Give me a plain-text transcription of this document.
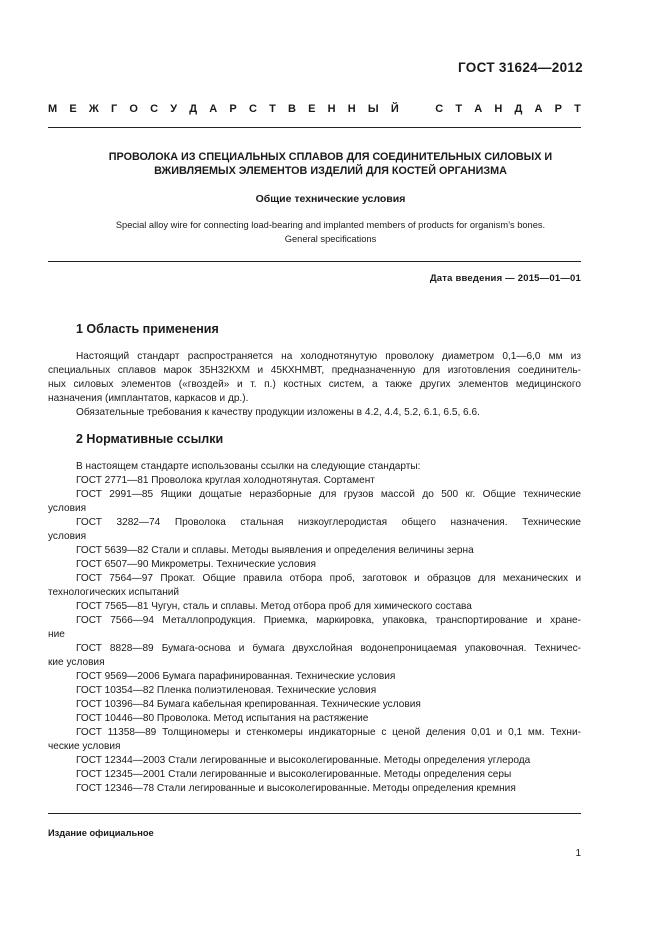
ГОСТ 31624—2012
М Е Ж Г О С У Д А Р С Т В Е Н Н Ы Й	С Т А Н Д А Р Т
ПРОВОЛОКА ИЗ СПЕЦИАЛЬНЫХ СПЛАВОВ ДЛЯ СОЕДИНИТЕЛЬНЫХ СИЛОВЫХ И
ВЖИВЛЯЕМЫХ ЭЛЕМЕНТОВ ИЗДЕЛИЙ ДЛЯ КОСТЕЙ ОРГАНИЗМА
Общие технические условия
Special alloy wire for connecting load-bearing and implanted members of products for organism’s bones.
General specifications
Дата введения — 2015—01—01
1 Область применения
Настоящий стандарт распространяется на холоднотянутую проволоку диаметром 0,1—6,0 мм из
специальных сплавов марок 35Н32КХМ и 45КХНМВТ, предназначенную для изготовления соединитель-
ных силовых элементов («гвоздей» и т. п.) костных систем, а также других элементов медицинского
назначения (имплантатов, каркасов и др.).
Обязательные требования к качеству продукции изложены в 4.2, 4.4, 5.2, 6.1, 6.5, 6.6.
2 Нормативные ссылки
В настоящем стандарте использованы ссылки на следующие стандарты:
ГОСТ 2771—81 Проволока круглая холоднотянутая. Сортамент
ГОСТ 2991—85 Ящики дощатые неразборные для грузов массой до 500 кг. Общие технические
условия
ГОСТ 3282—74 Проволока стальная низкоуглеродистая общего назначения. Технические
условия
ГОСТ 5639—82 Стали и сплавы. Методы выявления и определения величины зерна
ГОСТ 6507—90 Микрометры. Технические условия
ГОСТ 7564—97 Прокат. Общие правила отбора проб, заготовок и образцов для механических и
технологических испытаний
ГОСТ 7565—81 Чугун, сталь и сплавы. Метод отбора проб для химического состава
ГОСТ 7566—94 Металлопродукция. Приемка, маркировка, упаковка, транспортирование и хране-
ние
ГОСТ 8828—89 Бумага-основа и бумага двухслойная водонепроницаемая упаковочная. Техничес-
кие условия
ГОСТ 9569—2006 Бумага парафинированная. Технические условия
ГОСТ 10354—82 Пленка полиэтиленовая. Технические условия
ГОСТ 10396—84 Бумага кабельная крепированная. Технические условия
ГОСТ 10446—80 Проволока. Метод испытания на растяжение
ГОСТ 11358—89 Толщиномеры и стенкомеры индикаторные с ценой деления 0,01 и 0,1 мм. Техни-
ческие условия
ГОСТ 12344—2003 Стали легированные и высоколегированные. Методы определения углерода
ГОСТ 12345—2001 Стали легированные и высоколегированные. Методы определения серы
ГОСТ 12346—78 Стали легированные и высоколегированные. Методы определения кремния
Издание официальное
1
